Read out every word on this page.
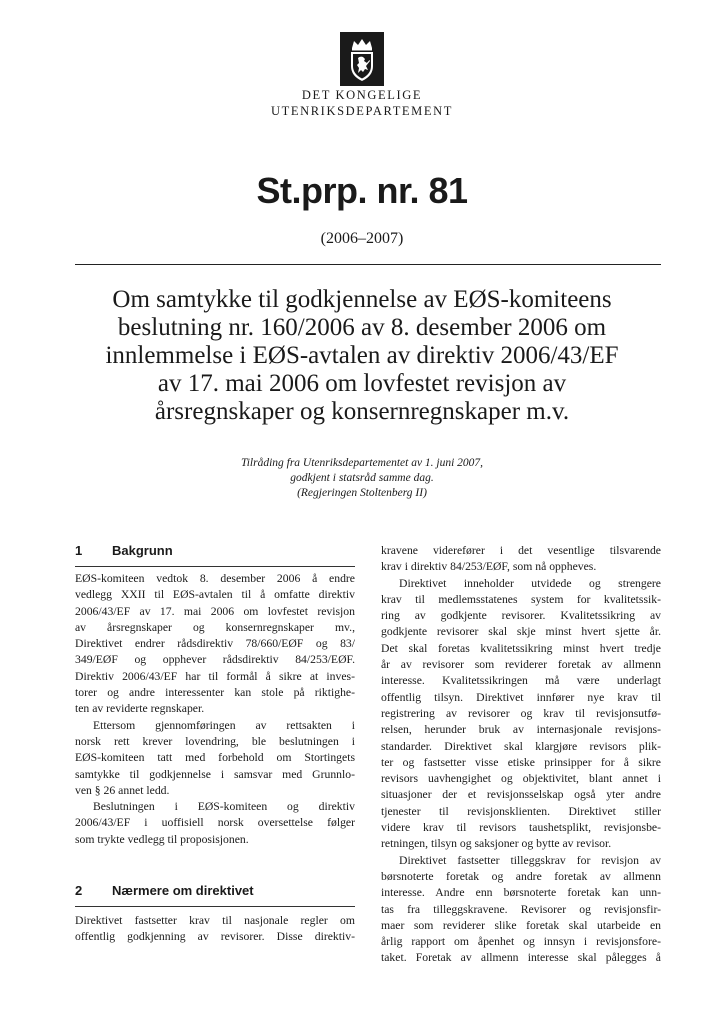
DET KONGELIGE
UTENRIKSDEPARTEMENT
St.prp. nr. 81
(2006–2007)
Om samtykke til godkjennelse av EØS-komiteens
beslutning nr. 160/2006 av 8. desember 2006 om
innlemmelse i EØS-avtalen av direktiv 2006/43/EF
av 17. mai 2006 om lovfestet revisjon av
årsregnskaper og konsernregnskaper m.v.
Tilråding fra Utenriksdepartementet av 1. juni 2007,
godkjent i statsråd samme dag.
(Regjeringen Stoltenberg II)
1 Bakgrunn
EØS-komiteen vedtok 8. desember 2006 å endre
vedlegg XXII til EØS-avtalen til å omfatte direktiv
2006/43/EF av 17. mai 2006 om lovfestet revisjon
av årsregnskaper og konsernregnskaper mv.,
Direktivet endrer rådsdirektiv 78/660/EØF og 83/
349/EØF og opphever rådsdirektiv 84/253/EØF.
Direktiv 2006/43/EF har til formål å sikre at inves-
torer og andre interessenter kan stole på riktighe-
ten av reviderte regnskaper.
Ettersom gjennomføringen av rettsakten i
norsk rett krever lovendring, ble beslutningen i
EØS-komiteen tatt med forbehold om Stortingets
samtykke til godkjennelse i samsvar med Grunnlo-
ven § 26 annet ledd.
Beslutningen i EØS-komiteen og direktiv
2006/43/EF i uoffisiell norsk oversettelse følger
som trykte vedlegg til proposisjonen.
2 Nærmere om direktivet
Direktivet fastsetter krav til nasjonale regler om
offentlig godkjenning av revisorer. Disse direktiv-
kravene viderefører i det vesentlige tilsvarende
krav i direktiv 84/253/EØF, som nå oppheves.
Direktivet inneholder utvidede og strengere
krav til medlemsstatenes system for kvalitetssik-
ring av godkjente revisorer. Kvalitetssikring av
godkjente revisorer skal skje minst hvert sjette år.
Det skal foretas kvalitetssikring minst hvert tredje
år av revisorer som reviderer foretak av allmenn
interesse. Kvalitetssikringen må være underlagt
offentlig tilsyn. Direktivet innfører nye krav til
registrering av revisorer og krav til revisjonsutfø-
relsen, herunder bruk av internasjonale revisjons-
standarder. Direktivet skal klargjøre revisors plik-
ter og fastsetter visse etiske prinsipper for å sikre
revisors uavhengighet og objektivitet, blant annet i
situasjoner der et revisjonsselskap også yter andre
tjenester til revisjonsklienten. Direktivet stiller
videre krav til revisors taushetsplikt, revisjonsbe-
retningen, tilsyn og saksjoner og bytte av revisor.
Direktivet fastsetter tilleggskrav for revisjon av
børsnoterte foretak og andre foretak av allmenn
interesse. Andre enn børsnoterte foretak kan unn-
tas fra tilleggskravene. Revisorer og revisjonsfir-
maer som reviderer slike foretak skal utarbeide en
årlig rapport om åpenhet og innsyn i revisjonsfore-
taket. Foretak av allmenn interesse skal pålegges å
